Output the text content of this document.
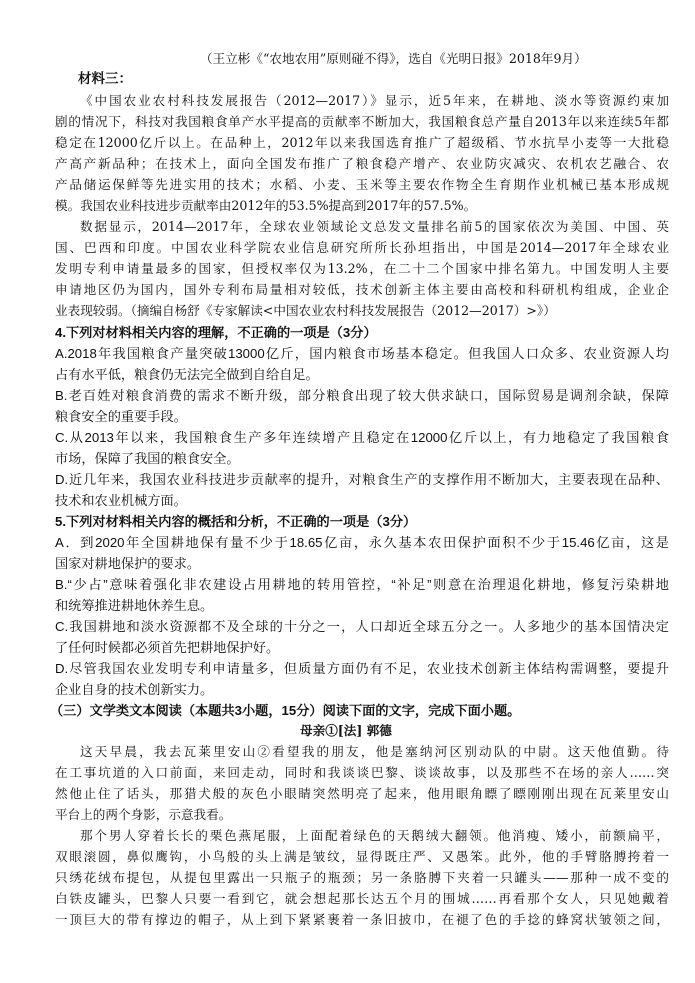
（王立彬《“农地农用”原则碰不得》，选自《光明日报》2018年9月）
材料三：
《中国农业农村科技发展报告（2012—2017）》显示，近5年来，在耕地、淡水等资源约束加
剧的情况下，科技对我国粮食单产水平提高的贡献率不断加大，我国粮食总产量自2013年以来连续5年都
稳定在12000亿斤以上。在品种上，2012年以来我国选育推广了超级稻、节水抗旱小麦等一大批稳
产高产新品种；在技术上，面向全国发布推广了粮食稳产增产、农业防灾减灾、农机农艺融合、农
产品储运保鲜等先进实用的技术；水稻、小麦、玉米等主要农作物全生育期作业机械已基本形成规
模。我国农业科技进步贡献率由2012年的53.5%提高到2017年的57.5%。
数据显示，2014—2017年，全球农业领域论文总发文量排名前5的国家依次为美国、中国、英
国、巴西和印度。中国农业科学院农业信息研究所所长孙坦指出，中国是2014—2017年全球农业
发明专利申请量最多的国家，但授权率仅为13.2%，在二十二个国家中排名第九。中国发明人主要
申请地区仍为国内，国外专利布局量相对较低，技术创新主体主要由高校和科研机构组成，企业企
业表现较弱。（摘编自杨舒《专家解读<中国农业农村科技发展报告（2012—2017）>》）
4.下列对材料相关内容的理解，不正确的一项是（3分）
A.2018年我国粮食产量突破13000亿斤，国内粮食市场基本稳定。但我国人口众多、农业资源人均
占有水平低，粮食仍无法完全做到自给自足。
B.老百姓对粮食消费的需求不断升级，部分粮食出现了较大供求缺口，国际贸易是调剂余缺，保障
粮食安全的重要手段。
C.从2013年以来，我国粮食生产多年连续增产且稳定在12000亿斤以上，有力地稳定了我国粮食
市场，保障了我国的粮食安全。
D.近几年来，我国农业科技进步贡献率的提升，对粮食生产的支撑作用不断加大，主要表现在品种、
技术和农业机械方面。
5.下列对材料相关内容的概括和分析，不正确的一项是（3分）
A．到2020年全国耕地保有量不少于18.65亿亩，永久基本农田保护面积不少于15.46亿亩，这是
国家对耕地保护的要求。
B.“少占”意味着强化非农建设占用耕地的转用管控，“补足”则意在治理退化耕地，修复污染耕地
和统筹推进耕地休养生息。
C.我国耕地和淡水资源都不及全球的十分之一，人口却近全球五分之一。人多地少的基本国情决定
了任何时候都必须首先把耕地保护好。
D.尽管我国农业发明专利申请量多，但质量方面仍有不足，农业技术创新主体结构需调整，要提升
企业自身的技术创新实力。
（三）文学类文本阅读（本题共3小题，15分）阅读下面的文字，完成下面小题。
母亲①[法] 郭德
这天早晨，我去瓦莱里安山②看望我的朋友，他是塞纳河区别动队的中尉。这天他值勤。待
在工事坑道的入口前面，来回走动，同时和我谈谈巴黎、谈谈故事，以及那些不在场的亲人……突
然他止住了话头，那猎犬般的灰色小眼睛突然明亮了起来，他用眼角瞟了瞟刚刚出现在瓦莱里安山
平台上的两个身影，示意我看。
那个男人穿着长长的栗色燕尾服，上面配着绿色的天鹅绒大翻领。他消瘦、矮小，前额扁平，
双眼滚圆，鼻似鹰钩，小鸟般的头上满是皱纹，显得既庄严、又愚笨。此外，他的手臂胳膊挎着一
只绣花绒布提包，从提包里露出一只瓶子的瓶颈；另一条胳膊下夹着一只罐头——那种一成不变的
白铁皮罐头，巴黎人只要一看到它，就会想起那长达五个月的围城……再看那个女人，只见她戴着
一顶巨大的带有撑边的帽子，从上到下紧紧裹着一条旧披巾，在褪了色的手捻的蜂窝状皱领之间，
